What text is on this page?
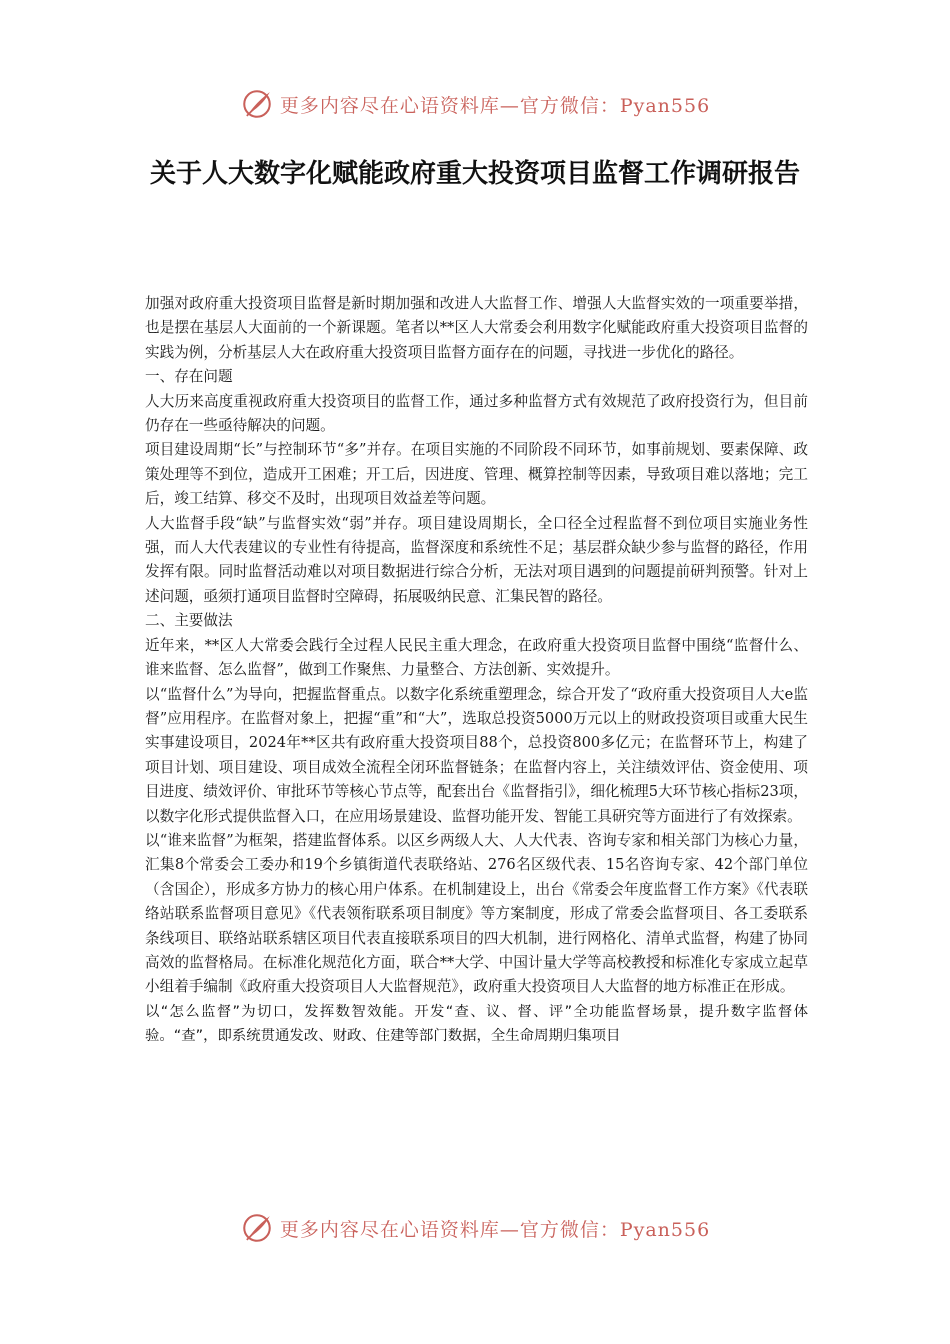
更多内容尽在心语资料库—官方微信：Pyan556
关于人大数字化赋能政府重大投资项目监督工作调研报告

加强对政府重大投资项目监督是新时期加强和改进人大监督工作、增强人大监督实效的一项重要举措，也是摆在基层人大面前的一个新课题。笔者以**区人大常委会利用数字化赋能政府重大投资项目监督的实践为例，分析基层人大在政府重大投资项目监督方面存在的问题，寻找进一步优化的路径。

一、存在问题

人大历来高度重视政府重大投资项目的监督工作，通过多种监督方式有效规范了政府投资行为，但目前仍存在一些亟待解决的问题。

项目建设周期“长”与控制环节“多”并存。在项目实施的不同阶段不同环节，如事前规划、要素保障、政策处理等不到位，造成开工困难；开工后，因进度、管理、概算控制等因素，导致项目难以落地；完工后，竣工结算、移交不及时，出现项目效益差等问题。

人大监督手段“缺”与监督实效“弱”并存。项目建设周期长，全口径全过程监督不到位项目实施业务性强，而人大代表建议的专业性有待提高，监督深度和系统性不足；基层群众缺少参与监督的路径，作用发挥有限。同时监督活动难以对项目数据进行综合分析，无法对项目遇到的问题提前研判预警。针对上述问题，亟须打通项目监督时空障碍，拓展吸纳民意、汇集民智的路径。

二、主要做法

近年来，**区人大常委会践行全过程人民民主重大理念，在政府重大投资项目监督中围绕“监督什么、谁来监督、怎么监督”，做到工作聚焦、力量整合、方法创新、实效提升。

以“监督什么”为导向，把握监督重点。以数字化系统重塑理念，综合开发了“政府重大投资项目人大e监督”应用程序。在监督对象上，把握“重”和“大”，选取总投资5000万元以上的财政投资项目或重大民生实事建设项目，2024年**区共有政府重大投资项目88个，总投资800多亿元；在监督环节上，构建了项目计划、项目建设、项目成效全流程全闭环监督链条；在监督内容上，关注绩效评估、资金使用、项目进度、绩效评价、审批环节等核心节点等，配套出台《监督指引》，细化梳理5大环节核心指标23项，以数字化形式提供监督入口，在应用场景建设、监督功能开发、智能工具研究等方面进行了有效探索。

以“谁来监督”为框架，搭建监督体系。以区乡两级人大、人大代表、咨询专家和相关部门为核心力量，汇集8个常委会工委办和19个乡镇街道代表联络站、276名区级代表、15名咨询专家、42个部门单位（含国企），形成多方协力的核心用户体系。在机制建设上，出台《常委会年度监督工作方案》《代表联络站联系监督项目意见》《代表领衔联系项目制度》等方案制度，形成了常委会监督项目、各工委联系条线项目、联络站联系辖区项目代表直接联系项目的四大机制，进行网格化、清单式监督，构建了协同高效的监督格局。在标准化规范化方面，联合**大学、中国计量大学等高校教授和标准化专家成立起草小组着手编制《政府重大投资项目人大监督规范》，政府重大投资项目人大监督的地方标准正在形成。

以“怎么监督”为切口，发挥数智效能。开发“查、议、督、评”全功能监督场景，提升数字监督体验。“查”，即系统贯通发改、财政、住建等部门数据，全生命周期归集项目

更多内容尽在心语资料库—官方微信：Pyan556
